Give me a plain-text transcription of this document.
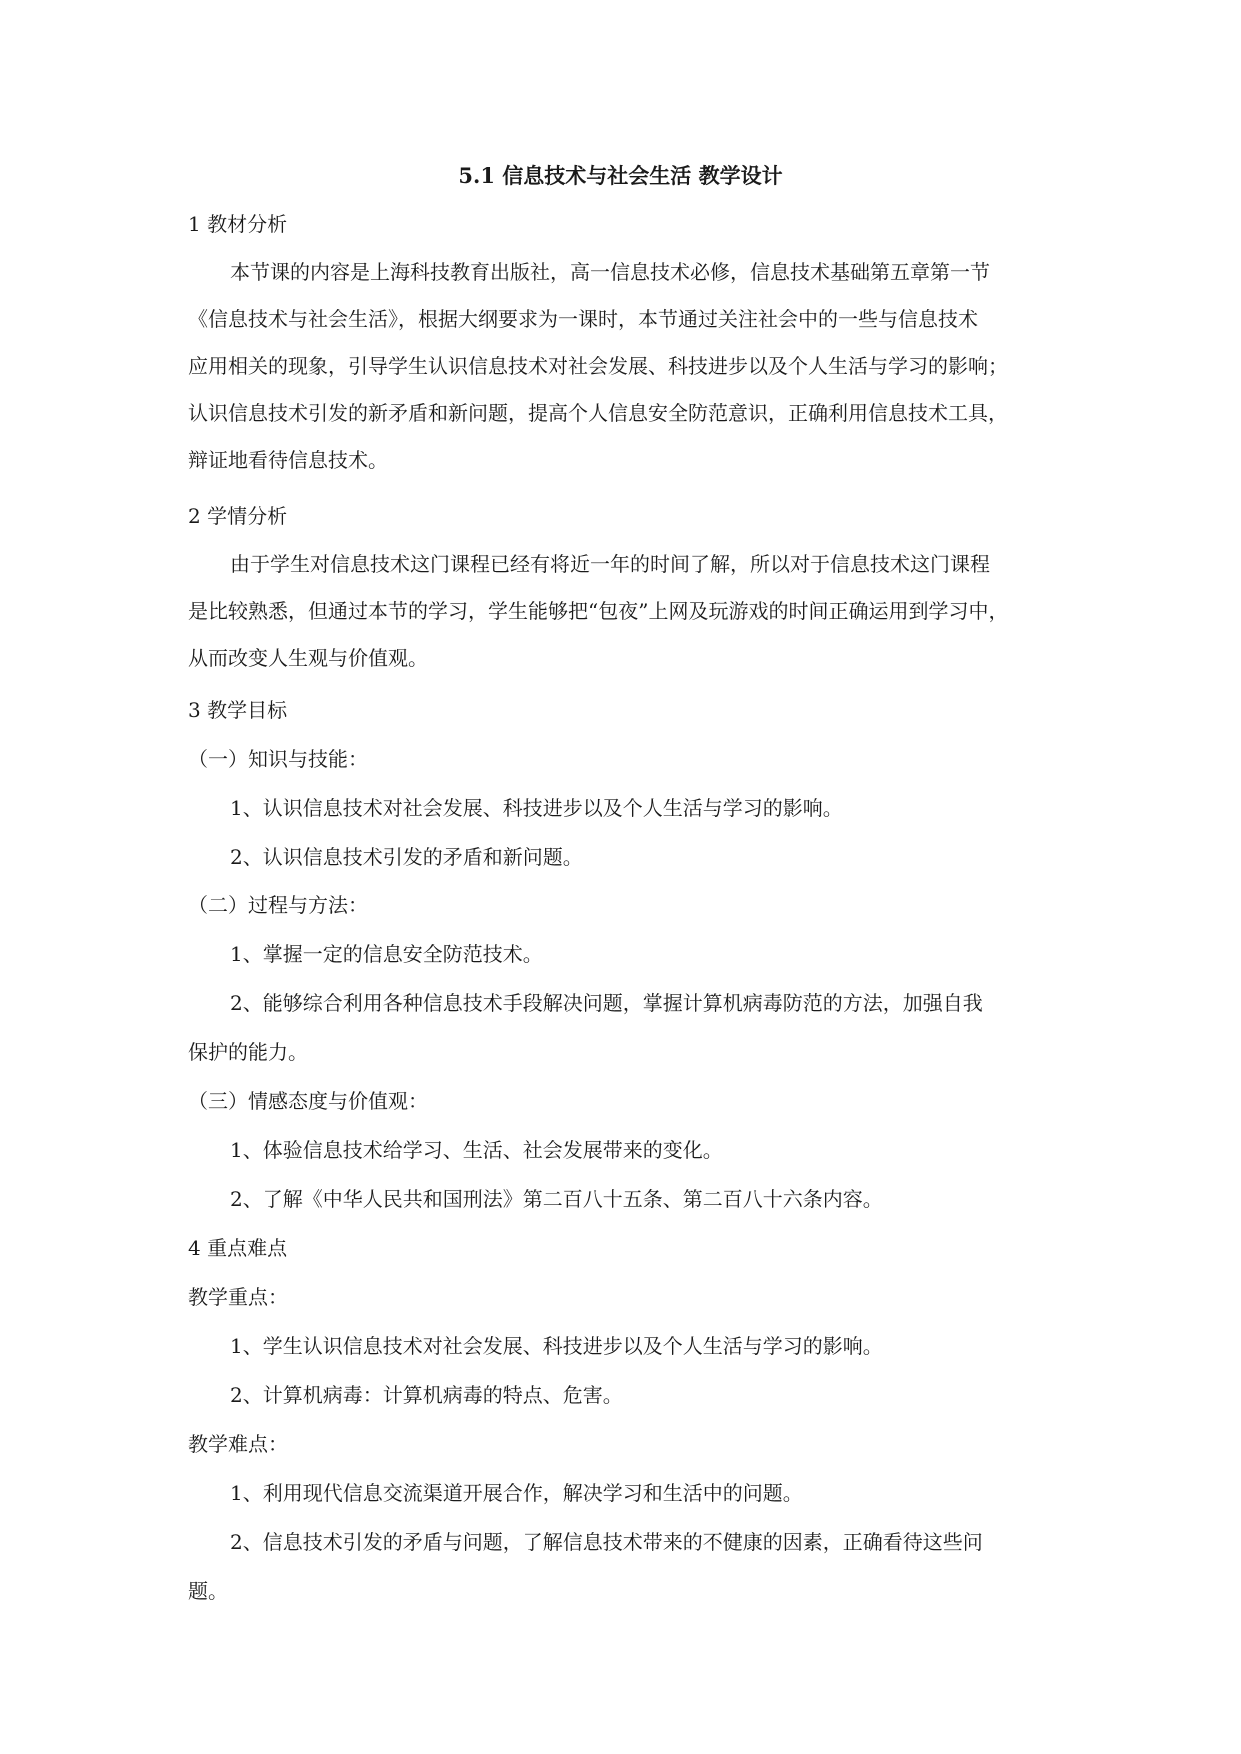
5.1 信息技术与社会生活 教学设计
1 教材分析
本节课的内容是上海科技教育出版社，高一信息技术必修，信息技术基础第五章第一节
《信息技术与社会生活》，根据大纲要求为一课时，本节通过关注社会中的一些与信息技术
应用相关的现象，引导学生认识信息技术对社会发展、科技进步以及个人生活与学习的影响；
认识信息技术引发的新矛盾和新问题，提高个人信息安全防范意识，正确利用信息技术工具，
辩证地看待信息技术。
2 学情分析
由于学生对信息技术这门课程已经有将近一年的时间了解，所以对于信息技术这门课程
是比较熟悉，但通过本节的学习，学生能够把“包夜”上网及玩游戏的时间正确运用到学习中，
从而改变人生观与价值观。
3 教学目标
（一）知识与技能：
1、认识信息技术对社会发展、科技进步以及个人生活与学习的影响。
2、认识信息技术引发的矛盾和新问题。
（二）过程与方法：
1、掌握一定的信息安全防范技术。
2、能够综合利用各种信息技术手段解决问题，掌握计算机病毒防范的方法，加强自我
保护的能力。
（三）情感态度与价值观：
1、体验信息技术给学习、生活、社会发展带来的变化。
2、了解《中华人民共和国刑法》第二百八十五条、第二百八十六条内容。
4 重点难点
教学重点：
1、学生认识信息技术对社会发展、科技进步以及个人生活与学习的影响。
2、计算机病毒：计算机病毒的特点、危害。
教学难点：
1、利用现代信息交流渠道开展合作，解决学习和生活中的问题。
2、信息技术引发的矛盾与问题，了解信息技术带来的不健康的因素，正确看待这些问
题。
